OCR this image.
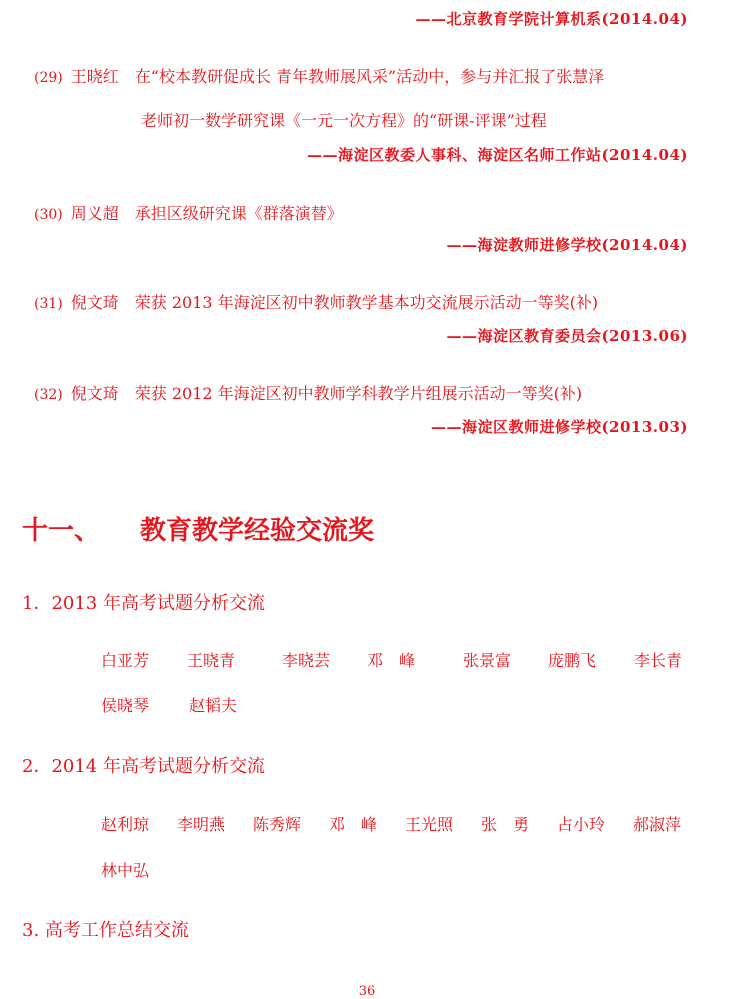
——北京教育学院计算机系(2014.04)
(29) 王晓红 在“校本教研促成长 青年教师展风采”活动中，参与并汇报了张慧泽
老师初一数学研究课《一元一次方程》的“研课-评课”过程
——海淀区教委人事科、海淀区名师工作站(2014.04)
(30) 周义超 承担区级研究课《群落演替》
——海淀教师进修学校(2014.04)
(31) 倪文琦 荣获 2013 年海淀区初中教师教学基本功交流展示活动一等奖(补)
——海淀区教育委员会(2013.06)
(32) 倪文琦 荣获 2012 年海淀区初中教师学科教学片组展示活动一等奖(补)
——海淀区教师进修学校(2013.03)
十一、 教育教学经验交流奖
1．2013 年高考试题分析交流
白亚芳 王晓青	李晓芸 邓　峰	张景富 庞鹏飞 李长青
侯晓琴 赵韬夫
2．2014 年高考试题分析交流
赵利琼 李明燕 陈秀辉 邓　峰 王光照 张　勇 占小玲 郝淑萍
林中弘
3. 高考工作总结交流
36
